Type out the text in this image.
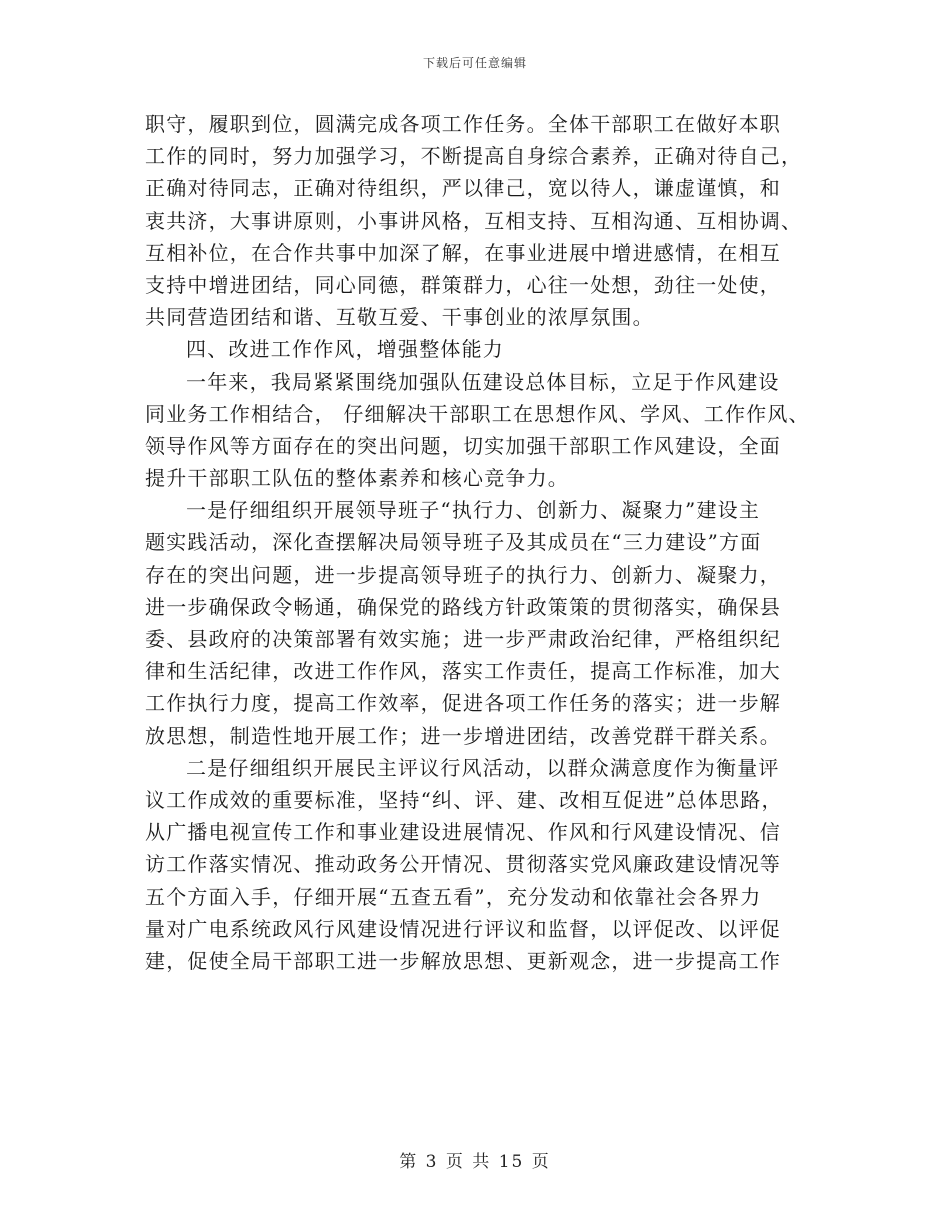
下载后可任意编辑
职守，履职到位，圆满完成各项工作任务。全体干部职工在做好本职
工作的同时，努力加强学习，不断提高自身综合素养，正确对待自己，
正确对待同志，正确对待组织，严以律己，宽以待人，谦虚谨慎，和
衷共济，大事讲原则，小事讲风格，互相支持、互相沟通、互相协调、
互相补位，在合作共事中加深了解，在事业进展中增进感情，在相互
支持中增进团结，同心同德，群策群力，心往一处想，劲往一处使，
共同营造团结和谐、互敬互爱、干事创业的浓厚氛围。
四、改进工作作风，增强整体能力
一年来，我局紧紧围绕加强队伍建设总体目标，立足于作风建设
同业务工作相结合， 仔细解决干部职工在思想作风、学风、工作作风、
领导作风等方面存在的突出问题，切实加强干部职工作风建设，全面
提升干部职工队伍的整体素养和核心竞争力。
一是仔细组织开展领导班子“执行力、创新力、凝聚力”建设主
题实践活动，深化查摆解决局领导班子及其成员在“三力建设”方面
存在的突出问题，进一步提高领导班子的执行力、创新力、凝聚力，
进一步确保政令畅通，确保党的路线方针政策策的贯彻落实，确保县
委、县政府的决策部署有效实施；进一步严肃政治纪律，严格组织纪
律和生活纪律，改进工作作风，落实工作责任，提高工作标准，加大
工作执行力度，提高工作效率，促进各项工作任务的落实；进一步解
放思想，制造性地开展工作；进一步增进团结，改善党群干群关系。
二是仔细组织开展民主评议行风活动，以群众满意度作为衡量评
议工作成效的重要标准，坚持“纠、评、建、改相互促进”总体思路，
从广播电视宣传工作和事业建设进展情况、作风和行风建设情况、信
访工作落实情况、推动政务公开情况、贯彻落实党风廉政建设情况等
五个方面入手，仔细开展“五查五看”，充分发动和依靠社会各界力
量对广电系统政风行风建设情况进行评议和监督，以评促改、以评促
建，促使全局干部职工进一步解放思想、更新观念，进一步提高工作
第 3 页 共 15 页
